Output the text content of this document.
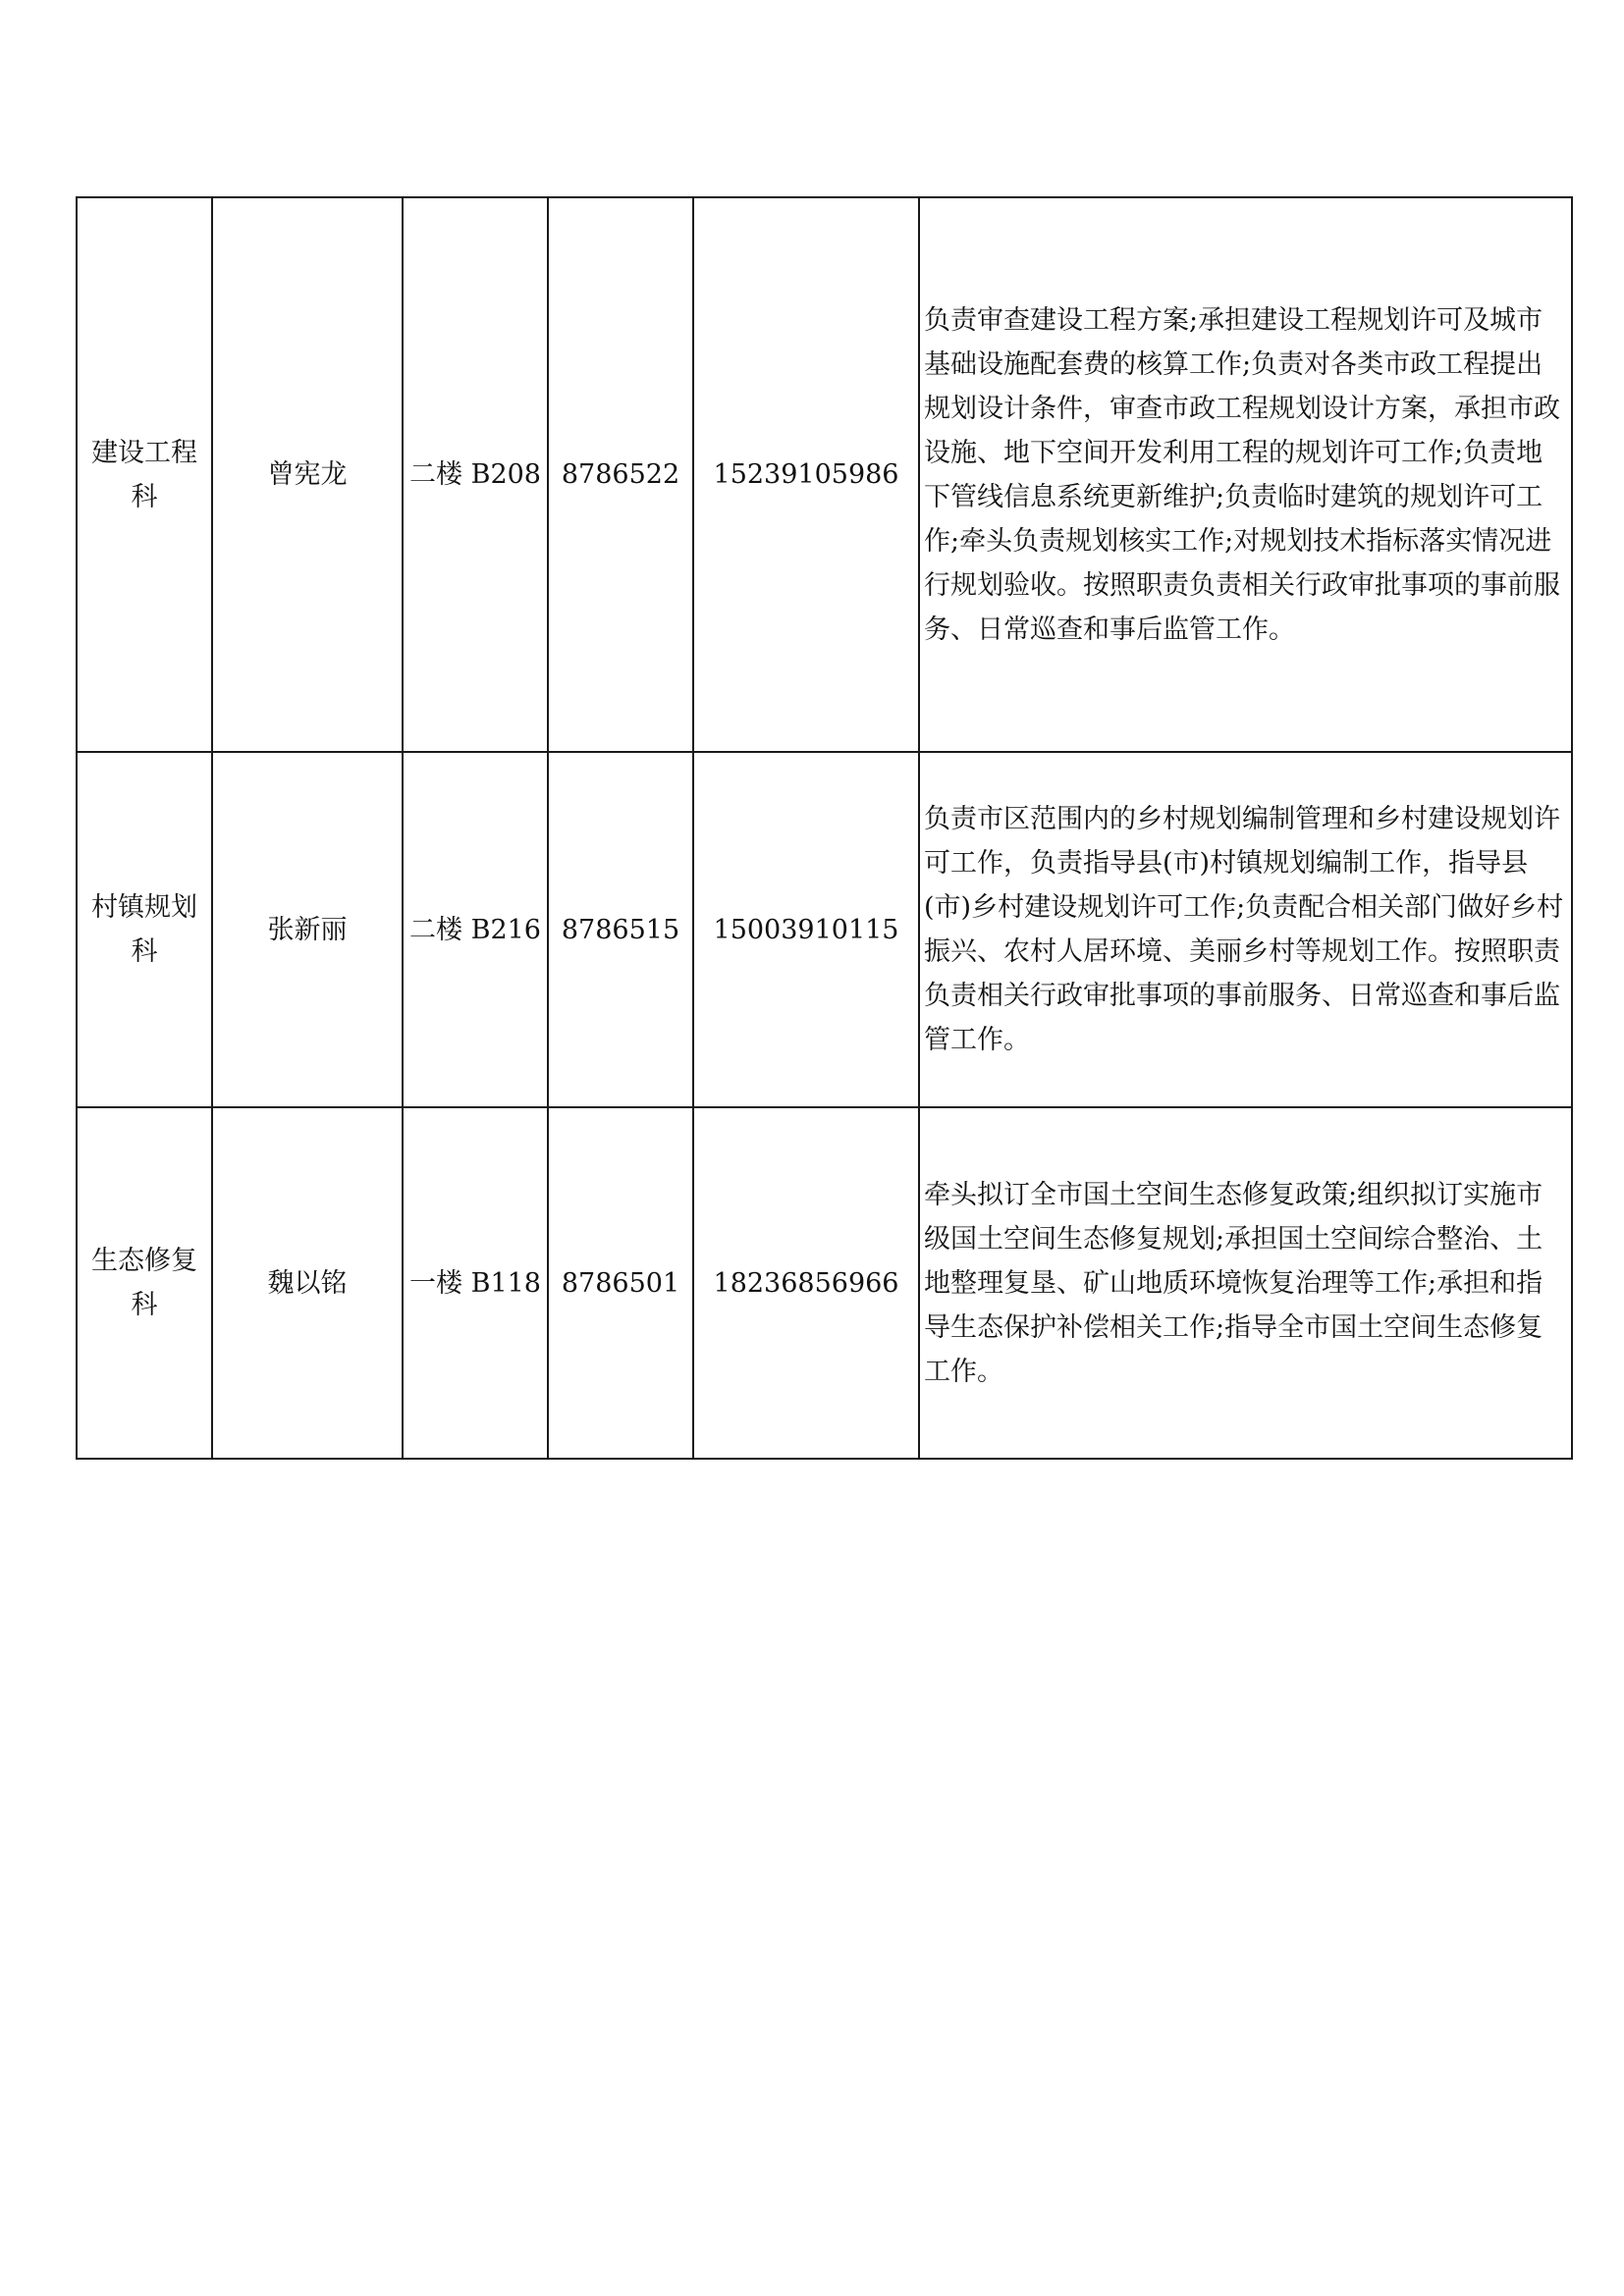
建设工程科	曾宪龙	二楼 B208	8786522	15239105986	负责审查建设工程方案;承担建设工程规划许可及城市基础设施配套费的核算工作;负责对各类市政工程提出规划设计条件，审查市政工程规划设计方案，承担市政设施、地下空间开发利用工程的规划许可工作;负责地下管线信息系统更新维护;负责临时建筑的规划许可工作;牵头负责规划核实工作;对规划技术指标落实情况进行规划验收。按照职责负责相关行政审批事项的事前服务、日常巡查和事后监管工作。
村镇规划科	张新丽	二楼 B216	8786515	15003910115	负责市区范围内的乡村规划编制管理和乡村建设规划许可工作，负责指导县(市)村镇规划编制工作，指导县(市)乡村建设规划许可工作;负责配合相关部门做好乡村振兴、农村人居环境、美丽乡村等规划工作。按照职责负责相关行政审批事项的事前服务、日常巡查和事后监管工作。
生态修复科	魏以铭	一楼 B118	8786501	18236856966	牵头拟订全市国土空间生态修复政策;组织拟订实施市级国土空间生态修复规划;承担国土空间综合整治、土地整理复垦、矿山地质环境恢复治理等工作;承担和指导生态保护补偿相关工作;指导全市国土空间生态修复工作。
